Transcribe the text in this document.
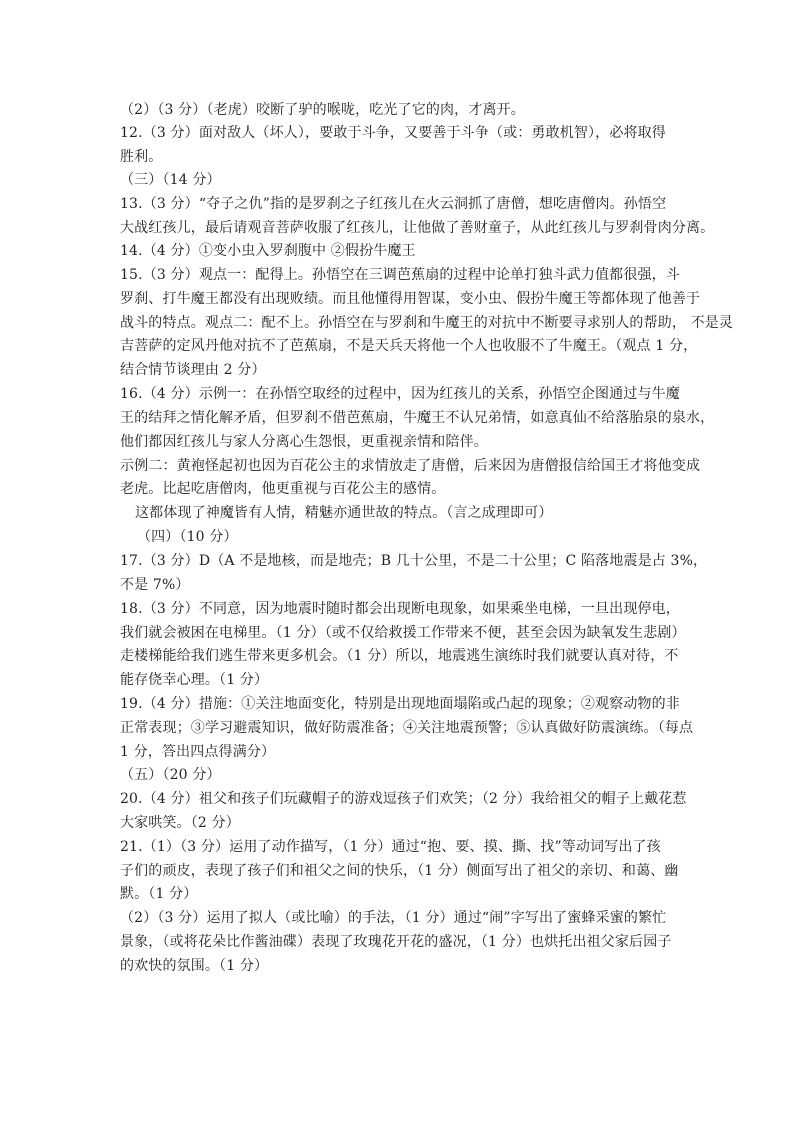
（2）（3 分）（老虎）咬断了驴的喉咙，吃光了它的肉，才离开。
12.（3 分）面对敌人（坏人），要敢于斗争，又要善于斗争（或：勇敢机智），必将取得
胜利。
（三）（14 分）
13.（3 分）“夺子之仇”指的是罗刹之子红孩儿在火云洞抓了唐僧，想吃唐僧肉。孙悟空
大战红孩儿，最后请观音菩萨收服了红孩儿，让他做了善财童子，从此红孩儿与罗刹骨肉分离。
14.（4 分）①变小虫入罗刹腹中 ②假扮牛魔王
15.（3 分）观点一：配得上。孙悟空在三调芭蕉扇的过程中论单打独斗武力值都很强，斗
罗刹、打牛魔王都没有出现败绩。而且他懂得用智谋，变小虫、假扮牛魔王等都体现了他善于
战斗的特点。观点二：配不上。孙悟空在与罗刹和牛魔王的对抗中不断要寻求别人的帮助， 不是灵
吉菩萨的定风丹他对抗不了芭蕉扇，不是天兵天将他一个人也收服不了牛魔王。（观点 1 分，
结合情节谈理由 2 分）
16.（4 分）示例一：在孙悟空取经的过程中，因为红孩儿的关系，孙悟空企图通过与牛魔
王的结拜之情化解矛盾，但罗刹不借芭蕉扇，牛魔王不认兄弟情，如意真仙不给落胎泉的泉水，
他们都因红孩儿与家人分离心生怨恨，更重视亲情和陪伴。
示例二：黄袍怪起初也因为百花公主的求情放走了唐僧，后来因为唐僧报信给国王才将他变成
老虎。比起吃唐僧肉，他更重视与百花公主的感情。
这都体现了神魔皆有人情，精魅亦通世故的特点。（言之成理即可）
（四）（10 分）
17.（3 分）D（A 不是地核，而是地壳；B 几十公里，不是二十公里；C 陷落地震是占 3%，
不是 7%）
18.（3 分）不同意，因为地震时随时都会出现断电现象，如果乘坐电梯，一旦出现停电，
我们就会被困在电梯里。（1 分）（或不仅给救援工作带来不便，甚至会因为缺氧发生悲剧）
走楼梯能给我们逃生带来更多机会。（1 分）所以，地震逃生演练时我们就要认真对待，不
能存侥幸心理。（1 分）
19.（4 分）措施：①关注地面变化，特别是出现地面塌陷或凸起的现象；②观察动物的非
正常表现；③学习避震知识，做好防震准备；④关注地震预警；⑤认真做好防震演练。（每点
1 分，答出四点得满分）
（五）（20 分）
20.（4 分）祖父和孩子们玩藏帽子的游戏逗孩子们欢笑；（2 分）我给祖父的帽子上戴花惹
大家哄笑。（2 分）
21.（1）（3 分）运用了动作描写，（1 分）通过“抱、要、摸、撕、找”等动词写出了孩
子们的顽皮，表现了孩子们和祖父之间的快乐，（1 分）侧面写出了祖父的亲切、和蔼、幽
默。（1 分）
（2）（3 分）运用了拟人（或比喻）的手法，（1 分）通过“闹”字写出了蜜蜂采蜜的繁忙
景象，（或将花朵比作酱油碟）表现了玫瑰花开花的盛况，（1 分）也烘托出祖父家后园子
的欢快的氛围。（1 分）
